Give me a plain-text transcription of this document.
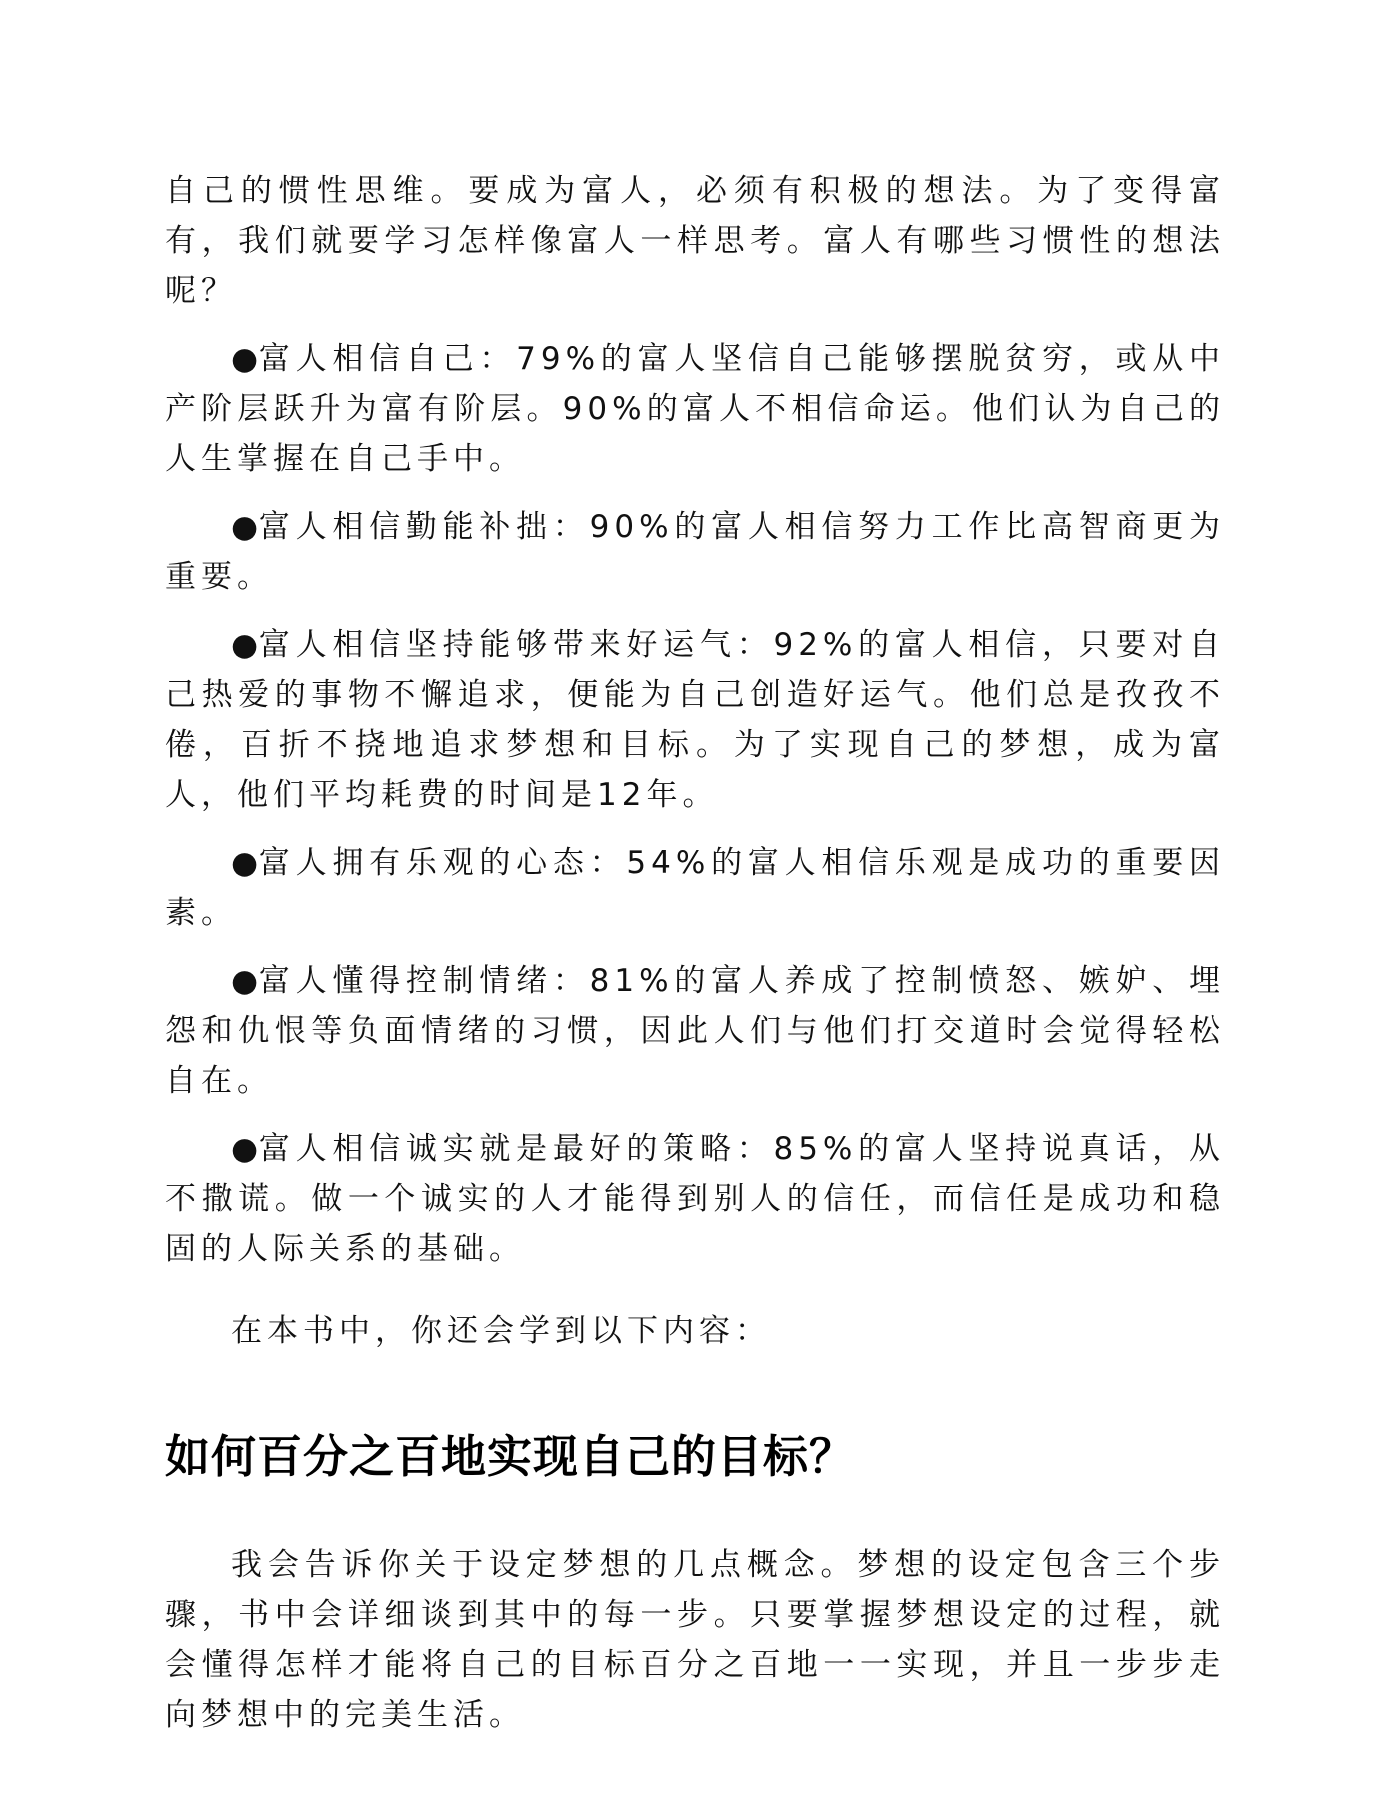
自己的惯性思维。要成为富人，必须有积极的想法。为了变得富有，我们就要学习怎样像富人一样思考。富人有哪些习惯性的想法呢？

●富人相信自己：79%的富人坚信自己能够摆脱贫穷，或从中产阶层跃升为富有阶层。90%的富人不相信命运。他们认为自己的人生掌握在自己手中。

●富人相信勤能补拙：90%的富人相信努力工作比高智商更为重要。

●富人相信坚持能够带来好运气：92%的富人相信，只要对自己热爱的事物不懈追求，便能为自己创造好运气。他们总是孜孜不倦，百折不挠地追求梦想和目标。为了实现自己的梦想，成为富人，他们平均耗费的时间是12年。

●富人拥有乐观的心态：54%的富人相信乐观是成功的重要因素。

●富人懂得控制情绪：81%的富人养成了控制愤怒、嫉妒、埋怨和仇恨等负面情绪的习惯，因此人们与他们打交道时会觉得轻松自在。

●富人相信诚实就是最好的策略：85%的富人坚持说真话，从不撒谎。做一个诚实的人才能得到别人的信任，而信任是成功和稳固的人际关系的基础。

在本书中，你还会学到以下内容：

如何百分之百地实现自己的目标？

我会告诉你关于设定梦想的几点概念。梦想的设定包含三个步骤，书中会详细谈到其中的每一步。只要掌握梦想设定的过程，就会懂得怎样才能将自己的目标百分之百地一一实现，并且一步步走向梦想中的完美生活。
